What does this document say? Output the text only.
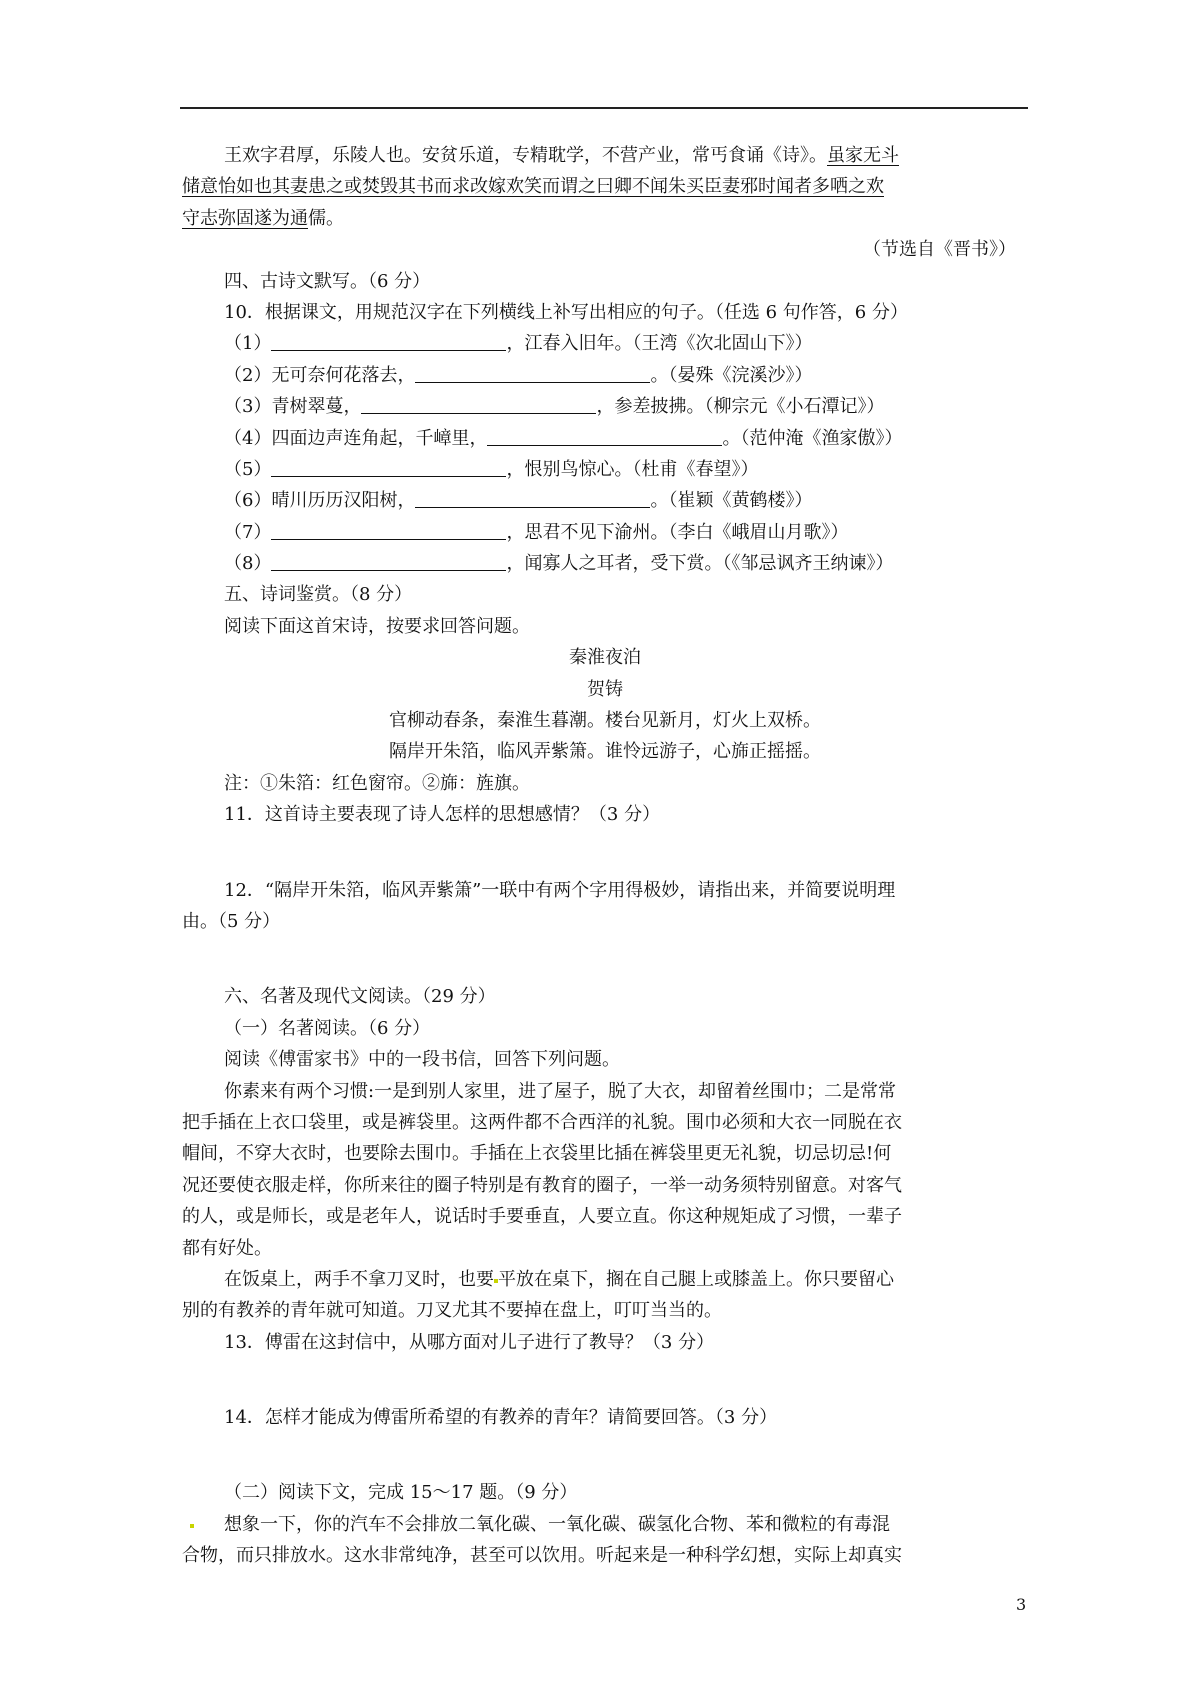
王欢字君厚，乐陵人也。安贫乐道，专精耽学，不营产业，常丐食诵《诗》。虽家无斗
储意怡如也其妻患之或焚毁其书而求改嫁欢笑而谓之曰卿不闻朱买臣妻邪时闻者多哂之欢
守志弥固遂为通儒。
（节选自《晋书》）
四、古诗文默写。（6 分）
10．根据课文，用规范汉字在下列横线上补写出相应的句子。（任选 6 句作答，6 分）
（1）	，江春入旧年。（王湾《次北固山下》）
（2）无可奈何花落去，	。（晏殊《浣溪沙》）
（3）青树翠蔓，	，参差披拂。（柳宗元《小石潭记》）
（4）四面边声连角起，千嶂里，	。（范仲淹《渔家傲》）
（5）	，恨别鸟惊心。（杜甫《春望》）
（6）晴川历历汉阳树，	。（崔颖《黄鹤楼》）
（7）	，思君不见下渝州。（李白《峨眉山月歌》）
（8）	，闻寡人之耳者，受下赏。（《邹忌讽齐王纳谏》）
五、诗词鉴赏。（8 分）
阅读下面这首宋诗，按要求回答问题。
秦淮夜泊
贺铸
官柳动春条，秦淮生暮潮。楼台见新月，灯火上双桥。
隔岸开朱箔，临风弄紫箫。谁怜远游子，心旆正摇摇。
注：①朱箔：红色窗帘。②旆：旌旗。
11．这首诗主要表现了诗人怎样的思想感情？（3 分）
12．“隔岸开朱箔，临风弄紫箫”一联中有两个字用得极妙，请指出来，并简要说明理
由。（5 分）
六、名著及现代文阅读。（29 分）
（一）名著阅读。（6 分）
阅读《傅雷家书》中的一段书信，回答下列问题。
你素来有两个习惯:一是到别人家里，进了屋子，脱了大衣，却留着丝围巾；二是常常
把手插在上衣口袋里，或是裤袋里。这两件都不合西洋的礼貌。围巾必须和大衣一同脱在衣
帽间，不穿大衣时，也要除去围巾。手插在上衣袋里比插在裤袋里更无礼貌，切忌切忌!何
况还要使衣服走样，你所来往的圈子特别是有教育的圈子，一举一动务须特别留意。对客气
的人，或是师长，或是老年人，说话时手要垂直，人要立直。你这种规矩成了习惯，一辈子
都有好处。
在饭桌上，两手不拿刀叉时，也要 平放在桌下，搁在自己腿上或膝盖上。你只要留心
别的有教养的青年就可知道。刀叉尤其不要掉在盘上，叮叮当当的。
13．傅雷在这封信中，从哪方面对儿子进行了教导？（3 分）
14．怎样才能成为傅雷所希望的有教养的青年？请简要回答。（3 分）
（二）阅读下文，完成 15～17 题。（9 分）
想象一下，你的汽车不会排放二氧化碳、一氧化碳、碳氢化合物、苯和微粒的有毒混
合物，而只排放水。这水非常纯净，甚至可以饮用。听起来是一种科学幻想，实际上却真实
3
